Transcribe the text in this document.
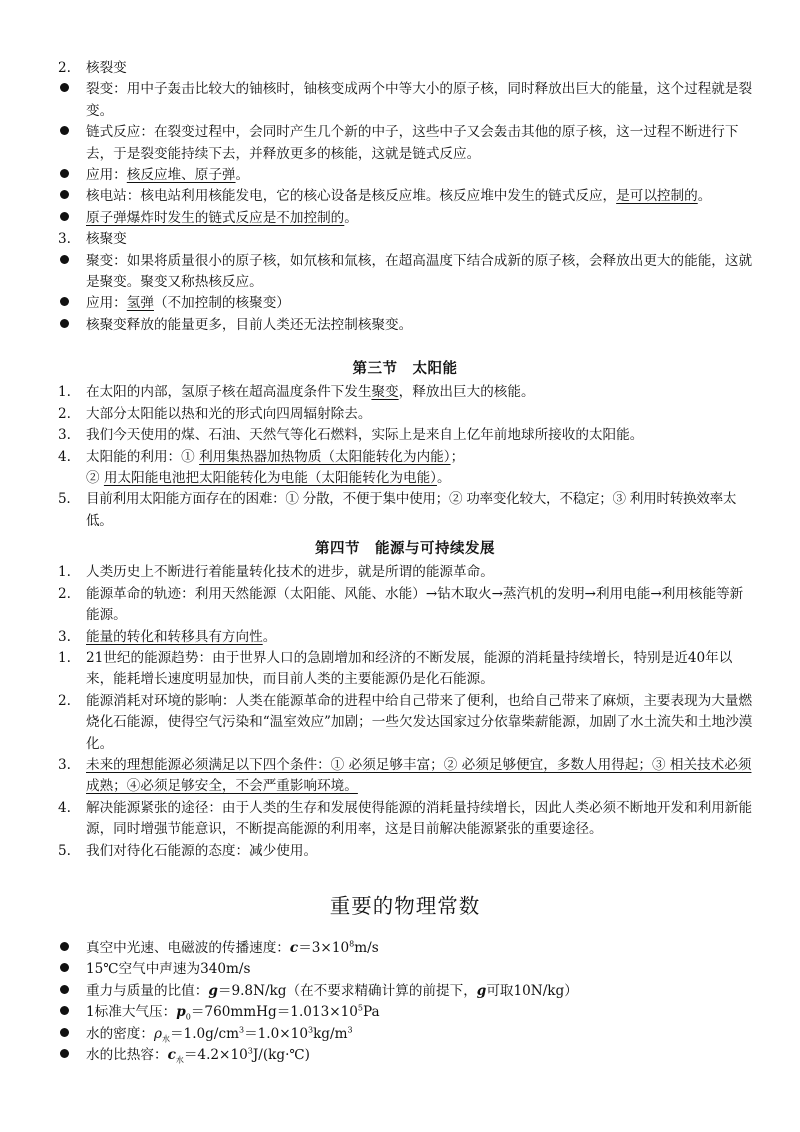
2.	核裂变
裂变：用中子轰击比较大的铀核时，铀核变成两个中等大小的原子核，同时释放出巨大的能量，这个过程就是裂变。
链式反应：在裂变过程中，会同时产生几个新的中子，这些中子又会轰击其他的原子核，这一过程不断进行下去，于是裂变能持续下去，并释放更多的核能，这就是链式反应。
应用：核反应堆、原子弹。
核电站：核电站利用核能发电，它的核心设备是核反应堆。核反应堆中发生的链式反应，是可以控制的。
原子弹爆炸时发生的链式反应是不加控制的。
3.	核聚变
聚变：如果将质量很小的原子核，如氘核和氚核，在超高温度下结合成新的原子核，会释放出更大的能能，这就是聚变。聚变又称热核反应。
应用：氢弹（不加控制的核聚变）
核聚变释放的能量更多，目前人类还无法控制核聚变。
第三节　太阳能
1.	在太阳的内部，氢原子核在超高温度条件下发生聚变，释放出巨大的核能。
2.	大部分太阳能以热和光的形式向四周辐射除去。
3.	我们今天使用的煤、石油、天然气等化石燃料，实际上是来自上亿年前地球所接收的太阳能。
4.	太阳能的利用：① 利用集热器加热物质（太阳能转化为内能）；
② 用太阳能电池把太阳能转化为电能（太阳能转化为电能）。
5.	目前利用太阳能方面存在的困难：① 分散，不便于集中使用；② 功率变化较大，不稳定；③ 利用时转换效率太低。
第四节　能源与可持续发展
1.	人类历史上不断进行着能量转化技术的进步，就是所谓的能源革命。
2.	能源革命的轨迹：利用天然能源（太阳能、风能、水能）→钻木取火→蒸汽机的发明→利用电能→利用核能等新能源。
3.	能量的转化和转移具有方向性。
1.	21世纪的能源趋势：由于世界人口的急剧增加和经济的不断发展，能源的消耗量持续增长，特别是近40年以来，能耗增长速度明显加快，而目前人类的主要能源仍是化石能源。
2.	能源消耗对环境的影响：人类在能源革命的进程中给自己带来了便利，也给自己带来了麻烦，主要表现为大量燃烧化石能源，使得空气污染和“温室效应”加剧；一些欠发达国家过分依靠柴薪能源，加剧了水土流失和土地沙漠化。
3.	未来的理想能源必须满足以下四个条件：① 必须足够丰富；② 必须足够便宜，多数人用得起；③ 相关技术必须成熟；④必须足够安全，不会严重影响环境。
4.	解决能源紧张的途径：由于人类的生存和发展使得能源的消耗量持续增长，因此人类必须不断地开发和利用新能源，同时增强节能意识，不断提高能源的利用率，这是目前解决能源紧张的重要途径。
5.	我们对待化石能源的态度：减少使用。
重要的物理常数
真空中光速、电磁波的传播速度：$c=3\times 10^8m/s$
15℃空气中声速为340m/s
重力与质量的比值：g＝9.8N/kg（在不要求精确计算的前提下，g可取10N/kg）
1标准大气压：$p_0=760mmHg=1.013\times 10^5Pa$
水的密度：$\rho_水=1.0g/cm^3=1.0\times 10^3kg/m^3$
水的比热容：$c_水=4.2\times 10^3J/(kg\cdot℃)$
